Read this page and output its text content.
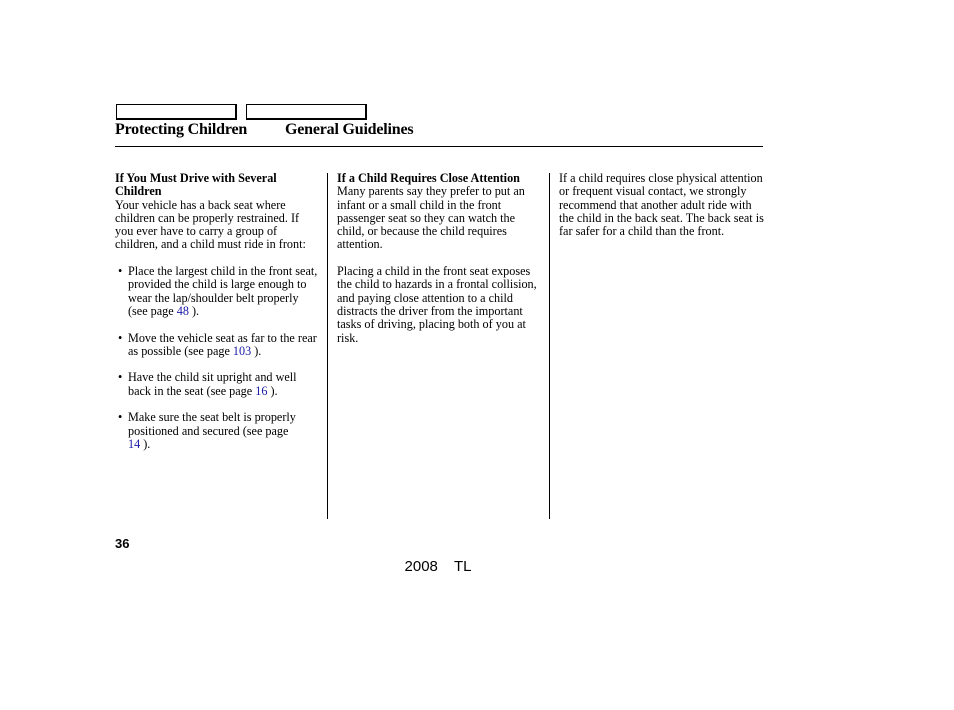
Protecting Children General Guidelines

If You Must Drive with Several Children

Your vehicle has a back seat where children can be properly restrained. If you ever have to carry a group of children, and a child must ride in front:

• Place the largest child in the front seat, provided the child is large enough to wear the lap/shoulder belt properly (see page 48 ).
• Move the vehicle seat as far to the rear as possible (see page 103 ).
• Have the child sit upright and well back in the seat (see page 16 ).
• Make sure the seat belt is properly positioned and secured (see page
14 ).

If a Child Requires Close Attention

Many parents say they prefer to put an infant or a small child in the front passenger seat so they can watch the child, or because the child requires attention.

Placing a child in the front seat exposes the child to hazards in a frontal collision, and paying close attention to a child distracts the driver from the important tasks of driving, placing both of you at risk.

If a child requires close physical attention or frequent visual contact, we strongly recommend that another adult ride with the child in the back seat. The back seat is far safer for a child than the front.

36
2008  TL
